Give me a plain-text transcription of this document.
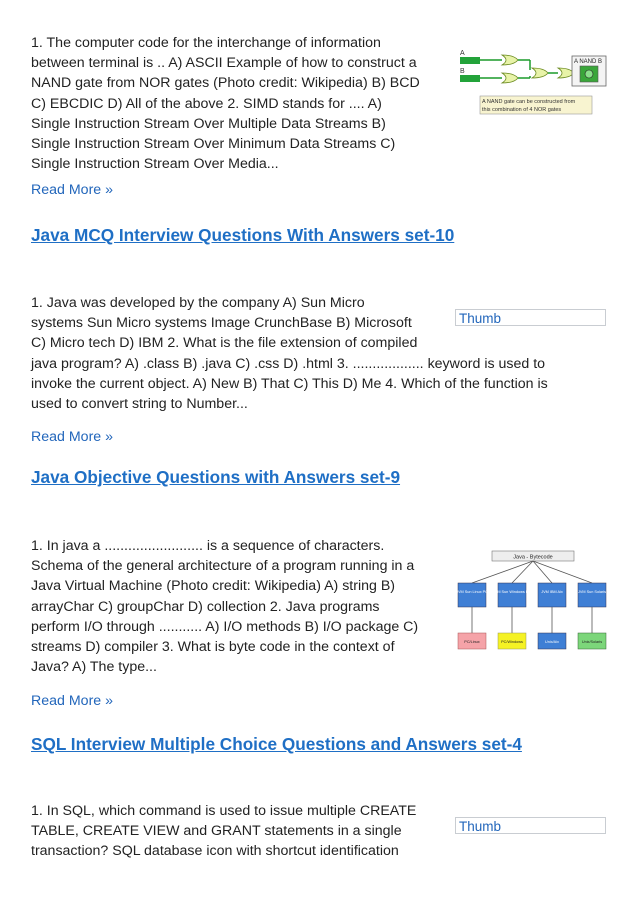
1. The computer code for the interchange of information
between terminal is .. A) ASCII Example of how to construct a
NAND gate from NOR gates (Photo credit: Wikipedia) B) BCD
C) EBCDIC D) All of the above 2. SIMD stands for .... A)
Single Instruction Stream Over Multiple Data Streams B)
Single Instruction Stream Over Minimum Data Streams C)
Single Instruction Stream Over Media...
A
B
A NAND B
A NAND gate can be constructed from
this combination of 4 NOR gates
Read More »
Java MCQ Interview Questions With Answers set-10
1. Java was developed by the company A) Sun Micro
systems Sun Micro systems Image CrunchBase B) Microsoft
C) Micro tech D) IBM 2. What is the file extension of compiled
java program? A) .class B) .java C) .css D) .html 3. .................. keyword is used to
invoke the current object. A) New B) That C) This D) Me 4. Which of the function is
used to convert string to Number...
Thumb
Read More »
Java Objective Questions with Answers set-9
1. In java a ......................... is a sequence of characters.
Schema of the general architecture of a program running in a
Java Virtual Machine (Photo credit: Wikipedia) A) string B)
arrayChar C) groupChar D) collection 2. Java programs
perform I/O through ........... A) I/O methods B) I/O package C)
streams D) compiler 3. What is byte code in the context of
Java? A) The type...
Java - Bytecode
JVM Sun Linux PC JVM Sun Windows PC	JVM IBM Aix	JVM Sun Solaris
PC/Linux	PC/Windows	Unix/Aix	Unix/Solaris
Read More »
SQL Interview Multiple Choice Questions and Answers set-4
1. In SQL, which command is used to issue multiple CREATE
TABLE, CREATE VIEW and GRANT statements in a single
transaction? SQL database icon with shortcut identification
Thumb
